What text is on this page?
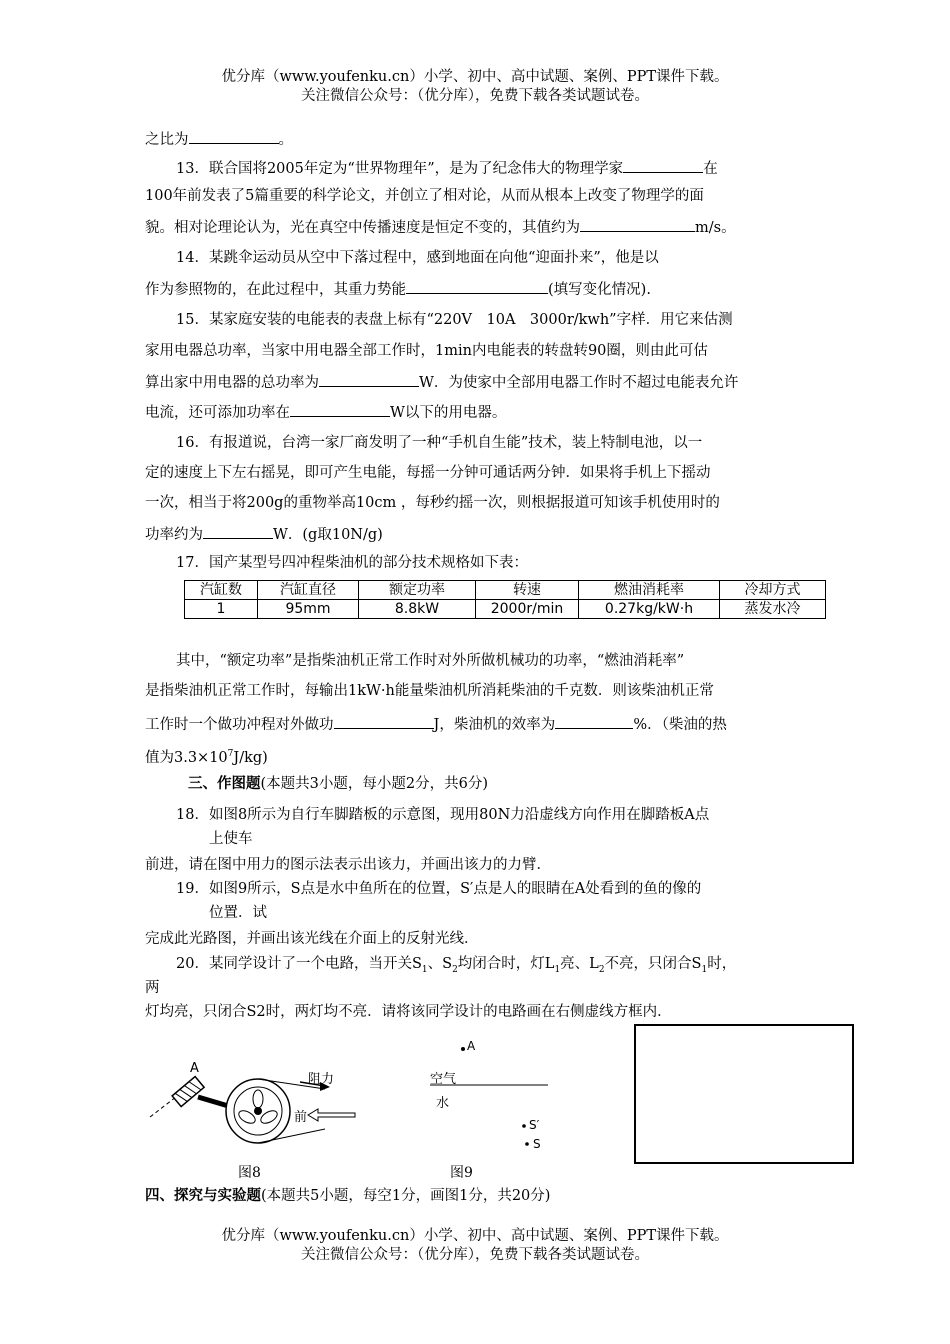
优分库（www.youfenku.cn）小学、初中、高中试题、案例、PPT课件下载。
关注微信公众号：（优分库），免费下载各类试题试卷。
之比为	。
13．联合国将2005年定为“世界物理年”，是为了纪念伟大的物理学家	在
100年前发表了5篇重要的科学论文，并创立了相对论，从而从根本上改变了物理学的面
貌。相对论理论认为，光在真空中传播速度是恒定不变的，其值约为	m/s。
14．某跳伞运动员从空中下落过程中，感到地面在向他“迎面扑来”，他是以
作为参照物的，在此过程中，其重力势能	(填写变化情况).
15．某家庭安装的电能表的表盘上标有“220V　10A　3000r/kwh”字样．用它来估测
家用电器总功率，当家中用电器全部工作时，1min内电能表的转盘转90圈，则由此可估
算出家中用电器的总功率为	W．为使家中全部用电器工作时不超过电能表允许
电流，还可添加功率在	W以下的用电器。
16．有报道说，台湾一家厂商发明了一种“手机自生能”技术，装上特制电池，以一
定的速度上下左右摇晃，即可产生电能，每摇一分钟可通话两分钟．如果将手机上下摇动
一次，相当于将200g的重物举高10cm ，每秒约摇一次，则根据报道可知该手机使用时的
功率约为	W．(g取10N/g)
17．国产某型号四冲程柴油机的部分技术规格如下表：
汽缸数	汽缸直径	额定功率	转速	燃油消耗率	冷却方式
1	95mm	8.8kW	2000r/min	0.27kg/kW·h	蒸发水冷
其中，“额定功率”是指柴油机正常工作时对外所做机械功的功率，“燃油消耗率”
是指柴油机正常工作时，每输出1kW·h能量柴油机所消耗柴油的千克数．则该柴油机正常
工作时一个做功冲程对外做功	J，柴油机的效率为	%．（柴油的热
值为$3.3\times 10^7J/kg$)
三、作图题(本题共3小题，每小题2分，共6分)
18．如图8所示为自行车脚踏板的示意图，现用80N力沿虚线方向作用在脚踏板A点
上使车
前进，请在图中用力的图示法表示出该力，并画出该力的力臂．
19．如图9所示，S点是水中鱼所在的位置，S′点是人的眼睛在A处看到的鱼的像的
位置．试
完成此光路图，并画出该光线在介面上的反射光线．
20．某同学设计了一个电路，当开关$S_1$、$S_2$均闭合时，灯$L_1$亮、$L_2$不亮，只闭合$S_1$时，
两
灯均亮，只闭合S2时，两灯均不亮．请将该同学设计的电路画在右侧虚线方框内．
A
阻力
前
图8
A
空气
水
S′
S
图9
四、探究与实验题(本题共5小题，每空1分，画图1分，共20分)
优分库（www.youfenku.cn）小学、初中、高中试题、案例、PPT课件下载。
关注微信公众号：（优分库），免费下载各类试题试卷。
